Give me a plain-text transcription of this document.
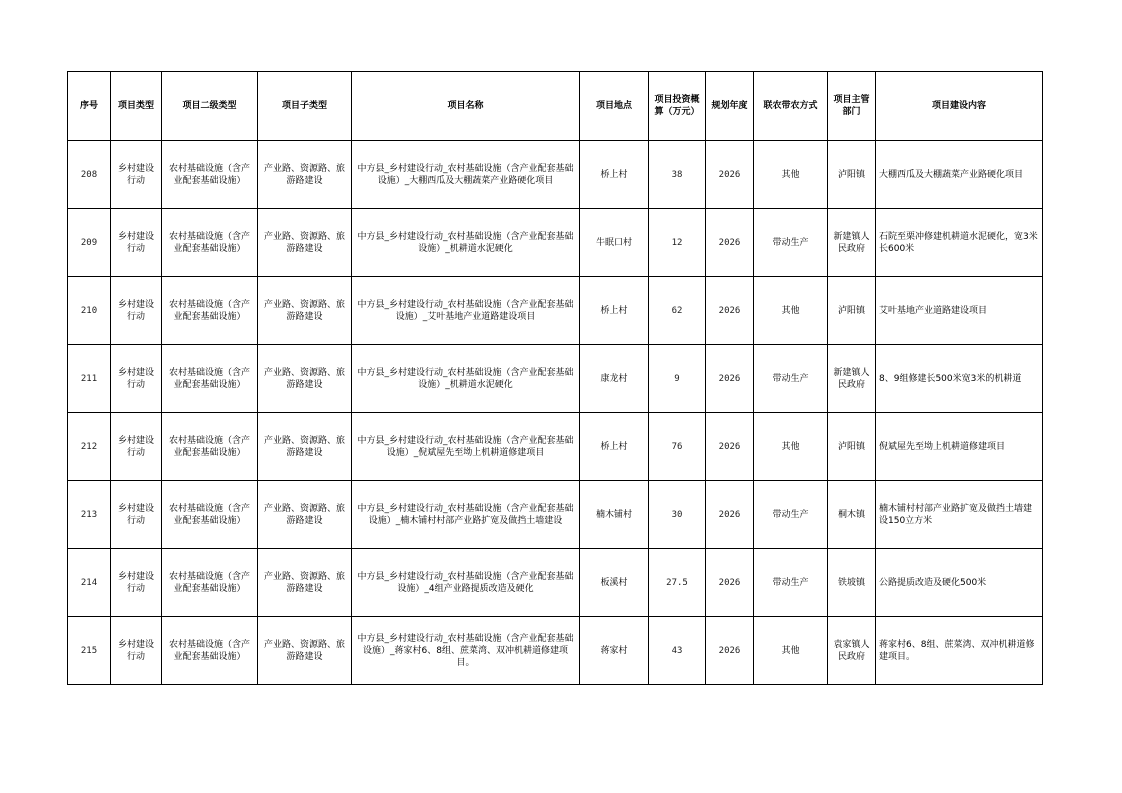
序号	项目类型	项目二级类型	项目子类型	项目名称	项目地点	项目投资概算（万元）	规划年度	联农带农方式	项目主管部门	项目建设内容
208	乡村建设行动	农村基础设施（含产业配套基础设施）	产业路、资源路、旅游路建设	中方县_乡村建设行动_农村基础设施（含产业配套基础设施）_大棚西瓜及大棚蔬菜产业路硬化项目	桥上村	38	2026	其他	泸阳镇	大棚西瓜及大棚蔬菜产业路硬化项目
209	乡村建设行动	农村基础设施（含产业配套基础设施）	产业路、资源路、旅游路建设	中方县_乡村建设行动_农村基础设施（含产业配套基础设施）_机耕道水泥硬化	牛眠口村	12	2026	带动生产	新建镇人民政府	石院至栗冲修建机耕道水泥硬化，宽3米长600米
210	乡村建设行动	农村基础设施（含产业配套基础设施）	产业路、资源路、旅游路建设	中方县_乡村建设行动_农村基础设施（含产业配套基础设施）_艾叶基地产业道路建设项目	桥上村	62	2026	其他	泸阳镇	艾叶基地产业道路建设项目
211	乡村建设行动	农村基础设施（含产业配套基础设施）	产业路、资源路、旅游路建设	中方县_乡村建设行动_农村基础设施（含产业配套基础设施）_机耕道水泥硬化	康龙村	9	2026	带动生产	新建镇人民政府	8、9组修建长500米宽3米的机耕道
212	乡村建设行动	农村基础设施（含产业配套基础设施）	产业路、资源路、旅游路建设	中方县_乡村建设行动_农村基础设施（含产业配套基础设施）_倪斌屋先至坳上机耕道修建项目	桥上村	76	2026	其他	泸阳镇	倪斌屋先至坳上机耕道修建项目
213	乡村建设行动	农村基础设施（含产业配套基础设施）	产业路、资源路、旅游路建设	中方县_乡村建设行动_农村基础设施（含产业配套基础设施）_楠木铺村村部产业路扩宽及做挡土墙建设	楠木铺村	30	2026	带动生产	桐木镇	楠木铺村村部产业路扩宽及做挡土墙建设150立方米
214	乡村建设行动	农村基础设施（含产业配套基础设施）	产业路、资源路、旅游路建设	中方县_乡村建设行动_农村基础设施（含产业配套基础设施）_4组产业路提质改造及硬化	板溪村	27.5	2026	带动生产	铁坡镇	公路提质改造及硬化500米
215	乡村建设行动	农村基础设施（含产业配套基础设施）	产业路、资源路、旅游路建设	中方县_乡村建设行动_农村基础设施（含产业配套基础设施）_蒋家村6、8组、蔗菜湾、双冲机耕道修建项目。	蒋家村	43	2026	其他	袁家镇人民政府	蒋家村6、8组、蔗菜湾、双冲机耕道修建项目。
